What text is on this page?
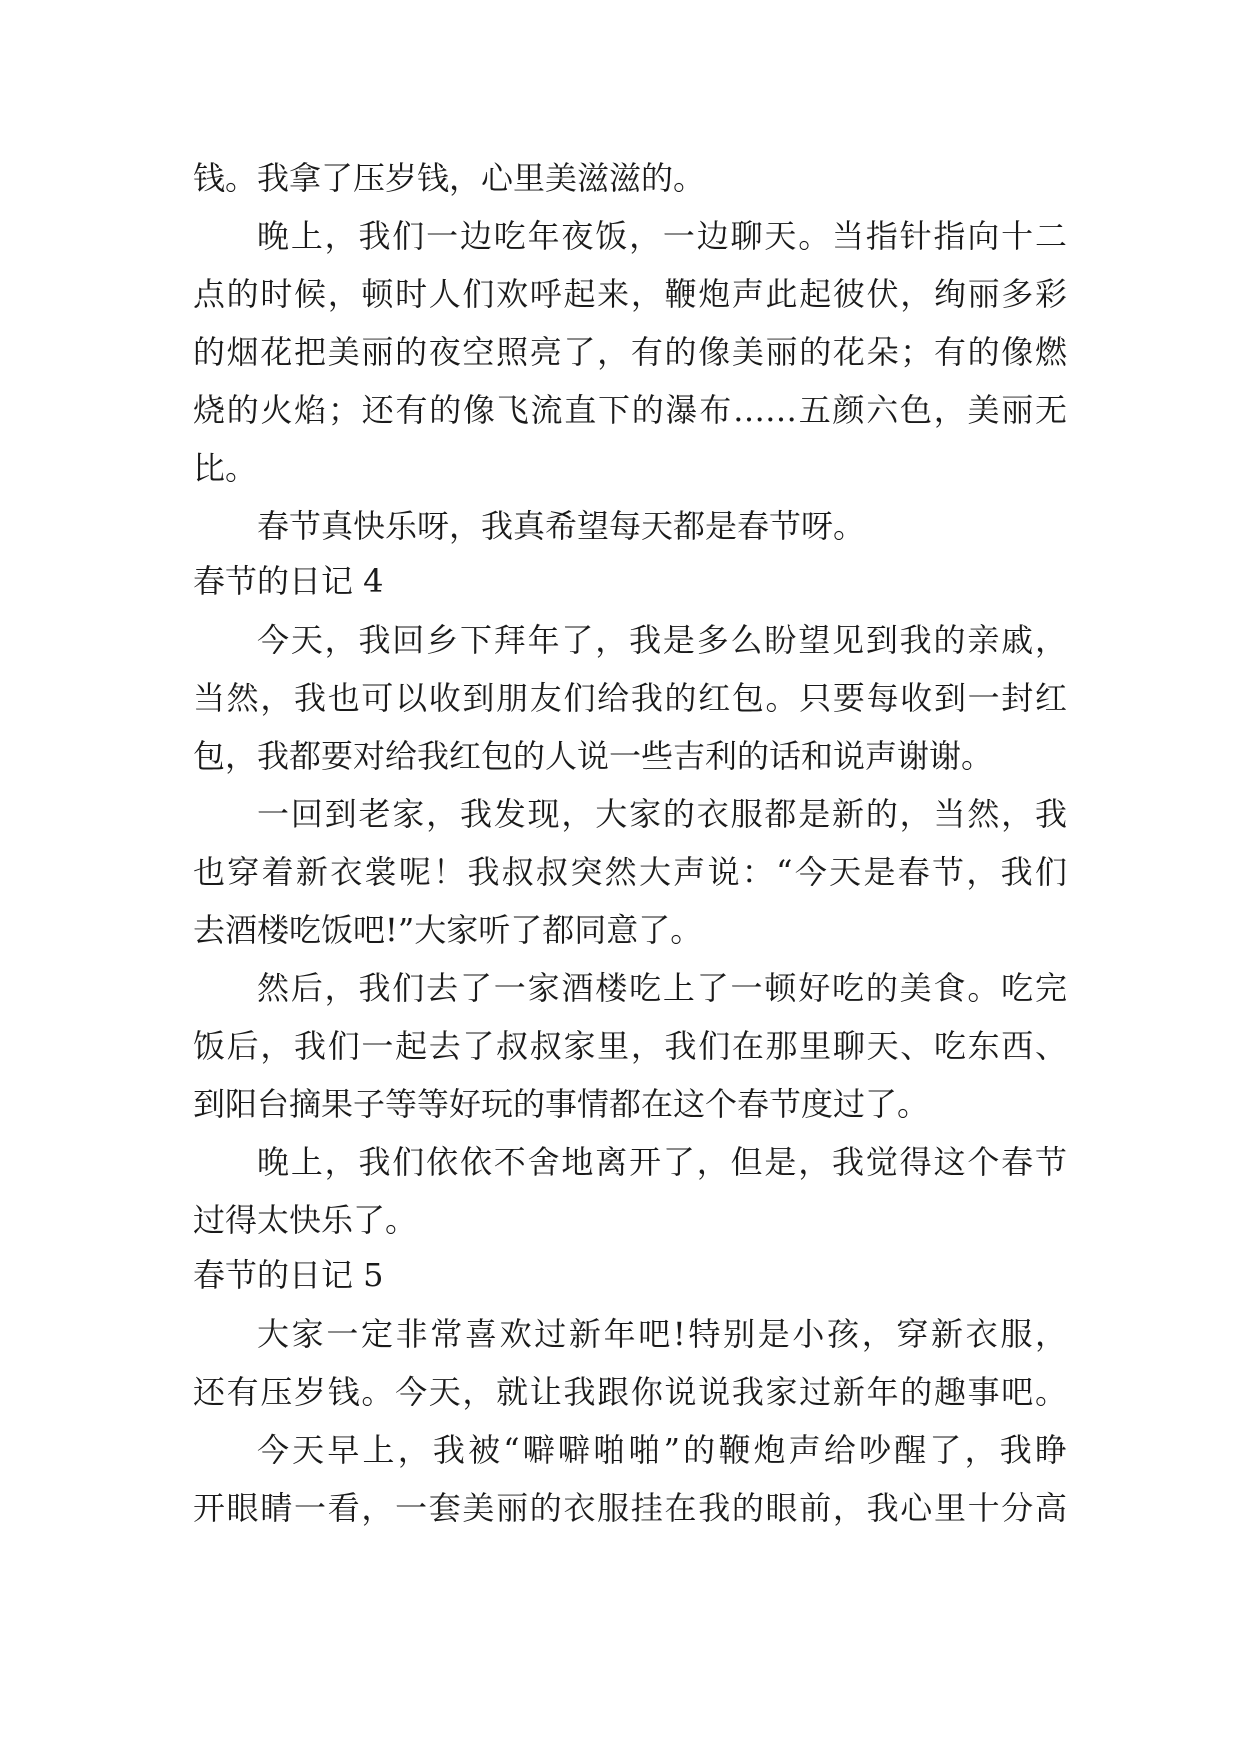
钱。我拿了压岁钱，心里美滋滋的。
晚上，我们一边吃年夜饭，一边聊天。当指针指向十二
点的时候，顿时人们欢呼起来，鞭炮声此起彼伏，绚丽多彩
的烟花把美丽的夜空照亮了，有的像美丽的花朵；有的像燃
烧的火焰；还有的像飞流直下的瀑布……五颜六色，美丽无
比。
春节真快乐呀，我真希望每天都是春节呀。
春节的日记 4
今天，我回乡下拜年了，我是多么盼望见到我的亲戚，
当然，我也可以收到朋友们给我的红包。只要每收到一封红
包，我都要对给我红包的人说一些吉利的话和说声谢谢。
一回到老家，我发现，大家的衣服都是新的，当然，我
也穿着新衣裳呢！我叔叔突然大声说：“今天是春节，我们
去酒楼吃饭吧!”大家听了都同意了。
然后，我们去了一家酒楼吃上了一顿好吃的美食。吃完
饭后，我们一起去了叔叔家里，我们在那里聊天、吃东西、
到阳台摘果子等等好玩的事情都在这个春节度过了。
晚上，我们依依不舍地离开了，但是，我觉得这个春节
过得太快乐了。
春节的日记 5
大家一定非常喜欢过新年吧!特别是小孩，穿新衣服，
还有压岁钱。今天，就让我跟你说说我家过新年的趣事吧。
今天早上，我被“噼噼啪啪”的鞭炮声给吵醒了，我睁
开眼睛一看，一套美丽的衣服挂在我的眼前，我心里十分高
